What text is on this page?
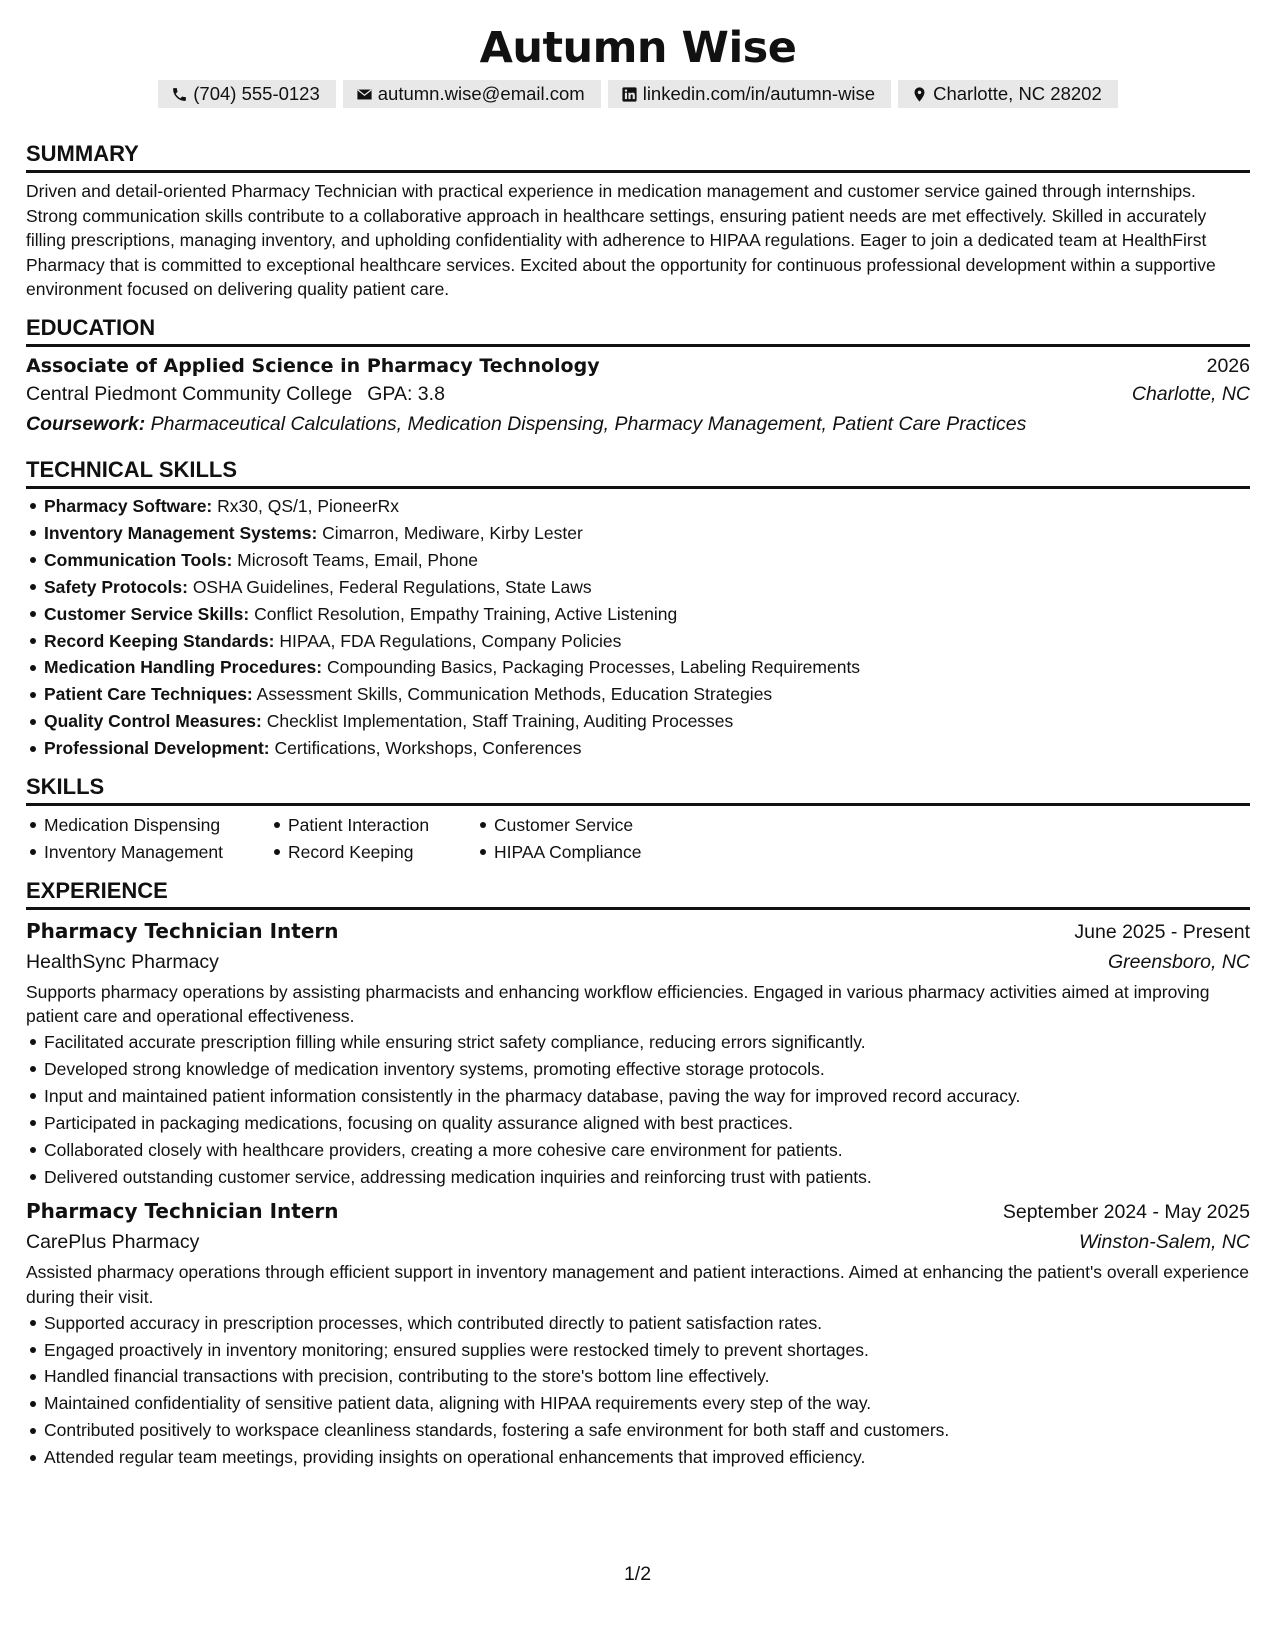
Autumn Wise
(704) 555-0123	autumn.wise@email.com	linkedin.com/in/autumn-wise	Charlotte, NC 28202
SUMMARY

Driven and detail-oriented Pharmacy Technician with practical experience in medication management and customer service gained through internships. Strong communication skills contribute to a collaborative approach in healthcare settings, ensuring patient needs are met effectively. Skilled in accurately filling prescriptions, managing inventory, and upholding confidentiality with adherence to HIPAA regulations. Eager to join a dedicated team at HealthFirst Pharmacy that is committed to exceptional healthcare services. Excited about the opportunity for continuous professional development within a supportive environment focused on delivering quality patient care.

EDUCATION
Associate of Applied Science in Pharmacy Technology	2026
Central Piedmont Community College GPA: 3.8	Charlotte, NC
Coursework: Pharmaceutical Calculations, Medication Dispensing, Pharmacy Management, Patient Care Practices
TECHNICAL SKILLS
Pharmacy Software: Rx30, QS/1, PioneerRx
Inventory Management Systems: Cimarron, Mediware, Kirby Lester
Communication Tools: Microsoft Teams, Email, Phone
Safety Protocols: OSHA Guidelines, Federal Regulations, State Laws
Customer Service Skills: Conflict Resolution, Empathy Training, Active Listening
Record Keeping Standards: HIPAA, FDA Regulations, Company Policies
Medication Handling Procedures: Compounding Basics, Packaging Processes, Labeling Requirements
Patient Care Techniques: Assessment Skills, Communication Methods, Education Strategies
Quality Control Measures: Checklist Implementation, Staff Training, Auditing Processes
Professional Development: Certifications, Workshops, Conferences
SKILLS
Medication Dispensing
Inventory Management
Patient Interaction
Record Keeping
Customer Service
HIPAA Compliance
EXPERIENCE
Pharmacy Technician Intern	June 2025 - Present
HealthSync Pharmacy	Greensboro, NC

Supports pharmacy operations by assisting pharmacists and enhancing workflow efficiencies. Engaged in various pharmacy activities aimed at improving patient care and operational effectiveness.

Facilitated accurate prescription filling while ensuring strict safety compliance, reducing errors significantly.
Developed strong knowledge of medication inventory systems, promoting effective storage protocols.
Input and maintained patient information consistently in the pharmacy database, paving the way for improved record accuracy.
Participated in packaging medications, focusing on quality assurance aligned with best practices.
Collaborated closely with healthcare providers, creating a more cohesive care environment for patients.
Delivered outstanding customer service, addressing medication inquiries and reinforcing trust with patients.
Pharmacy Technician Intern	September 2024 - May 2025
CarePlus Pharmacy	Winston-Salem, NC

Assisted pharmacy operations through efficient support in inventory management and patient interactions. Aimed at enhancing the patient's overall experience during their visit.

Supported accuracy in prescription processes, which contributed directly to patient satisfaction rates.
Engaged proactively in inventory monitoring; ensured supplies were restocked timely to prevent shortages.
Handled financial transactions with precision, contributing to the store's bottom line effectively.
Maintained confidentiality of sensitive patient data, aligning with HIPAA requirements every step of the way.
Contributed positively to workspace cleanliness standards, fostering a safe environment for both staff and customers.
Attended regular team meetings, providing insights on operational enhancements that improved efficiency.
1/2
